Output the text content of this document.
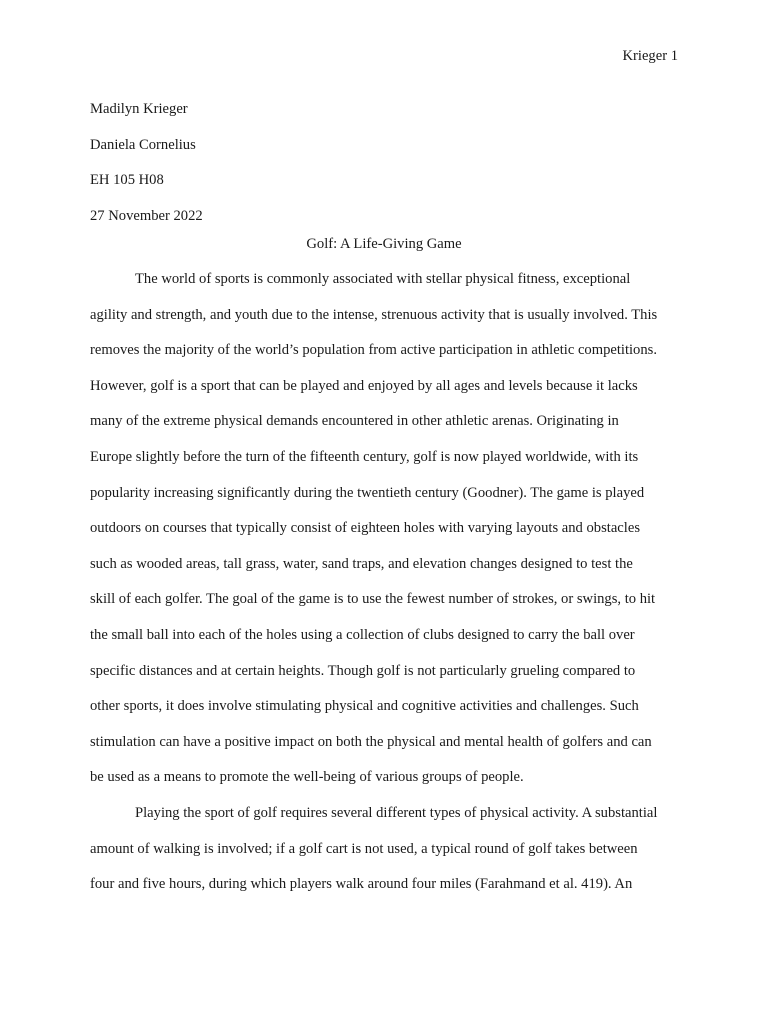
Krieger 1
Madilyn Krieger
Daniela Cornelius
EH 105 H08
27 November 2022
Golf: A Life-Giving Game
The world of sports is commonly associated with stellar physical fitness, exceptional
agility and strength, and youth due to the intense, strenuous activity that is usually involved. This
removes the majority of the world’s population from active participation in athletic competitions.
However, golf is a sport that can be played and enjoyed by all ages and levels because it lacks
many of the extreme physical demands encountered in other athletic arenas. Originating in
Europe slightly before the turn of the fifteenth century, golf is now played worldwide, with its
popularity increasing significantly during the twentieth century (Goodner). The game is played
outdoors on courses that typically consist of eighteen holes with varying layouts and obstacles
such as wooded areas, tall grass, water, sand traps, and elevation changes designed to test the
skill of each golfer. The goal of the game is to use the fewest number of strokes, or swings, to hit
the small ball into each of the holes using a collection of clubs designed to carry the ball over
specific distances and at certain heights. Though golf is not particularly grueling compared to
other sports, it does involve stimulating physical and cognitive activities and challenges. Such
stimulation can have a positive impact on both the physical and mental health of golfers and can
be used as a means to promote the well-being of various groups of people.
Playing the sport of golf requires several different types of physical activity. A substantial
amount of walking is involved; if a golf cart is not used, a typical round of golf takes between
four and five hours, during which players walk around four miles (Farahmand et al. 419). An
